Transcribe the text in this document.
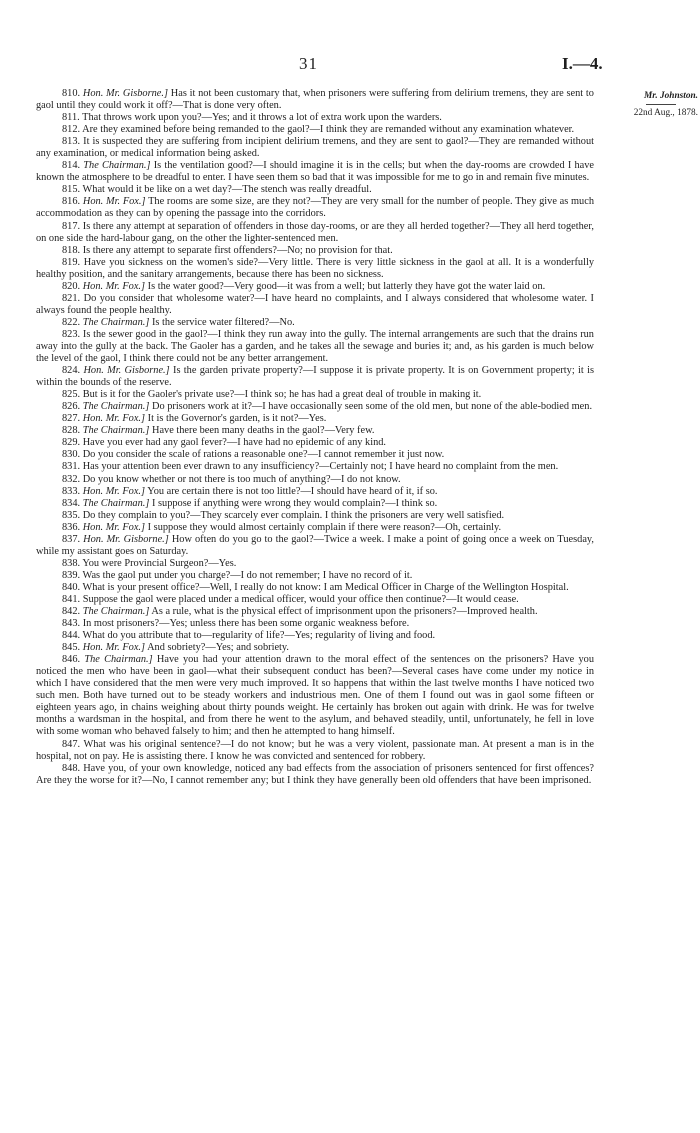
31	I.—4.
Mr. Johnston.
22nd Aug., 1878.

810. Hon. Mr. Gisborne.] Has it not been customary that, when prisoners were suffering from delirium tremens, they are sent to gaol until they could work it off?—That is done very often.

811. That throws work upon you?—Yes; and it throws a lot of extra work upon the warders.

812. Are they examined before being remanded to the gaol?—I think they are remanded without any examination whatever.

813. It is suspected they are suffering from incipient delirium tremens, and they are sent to gaol?—They are remanded without any examination, or medical information being asked.

814. The Chairman.] Is the ventilation good?—I should imagine it is in the cells; but when the day-rooms are crowded I have known the atmosphere to be dreadful to enter. I have seen them so bad that it was impossible for me to go in and remain five minutes.

815. What would it be like on a wet day?—The stench was really dreadful.

816. Hon. Mr. Fox.] The rooms are some size, are they not?—They are very small for the number of people. They give as much accommodation as they can by opening the passage into the corridors.

817. Is there any attempt at separation of offenders in those day-rooms, or are they all herded together?—They all herd together, on one side the hard-labour gang, on the other the lighter-sentenced men.

818. Is there any attempt to separate first offenders?—No; no provision for that.

819. Have you sickness on the women's side?—Very little. There is very little sickness in the gaol at all. It is a wonderfully healthy position, and the sanitary arrangements, because there has been no sickness.

820. Hon. Mr. Fox.] Is the water good?—Very good—it was from a well; but latterly they have got the water laid on.

821. Do you consider that wholesome water?—I have heard no complaints, and I always considered that wholesome water. I always found the people healthy.

822. The Chairman.] Is the service water filtered?—No.

823. Is the sewer good in the gaol?—I think they run away into the gully. The internal arrangements are such that the drains run away into the gully at the back. The Gaoler has a garden, and he takes all the sewage and buries it; and, as his garden is much below the level of the gaol, I think there could not be any better arrangement.

824. Hon. Mr. Gisborne.] Is the garden private property?—I suppose it is private property. It is on Government property; it is within the bounds of the reserve.

825. But is it for the Gaoler's private use?—I think so; he has had a great deal of trouble in making it.

826. The Chairman.] Do prisoners work at it?—I have occasionally seen some of the old men, but none of the able-bodied men.

827. Hon. Mr. Fox.] It is the Governor's garden, is it not?—Yes.

828. The Chairman.] Have there been many deaths in the gaol?—Very few.

829. Have you ever had any gaol fever?—I have had no epidemic of any kind.

830. Do you consider the scale of rations a reasonable one?—I cannot remember it just now.

831. Has your attention been ever drawn to any insufficiency?—Certainly not; I have heard no complaint from the men.

832. Do you know whether or not there is too much of anything?—I do not know.

833. Hon. Mr. Fox.] You are certain there is not too little?—I should have heard of it, if so.

834. The Chairman.] I suppose if anything were wrong they would complain?—I think so.

835. Do they complain to you?—They scarcely ever complain. I think the prisoners are very well satisfied.

836. Hon. Mr. Fox.] I suppose they would almost certainly complain if there were reason?—Oh, certainly.

837. Hon. Mr. Gisborne.] How often do you go to the gaol?—Twice a week. I make a point of going once a week on Tuesday, while my assistant goes on Saturday.

838. You were Provincial Surgeon?—Yes.

839. Was the gaol put under you charge?—I do not remember; I have no record of it.

840. What is your present office?—Well, I really do not know: I am Medical Officer in Charge of the Wellington Hospital.

841. Suppose the gaol were placed under a medical officer, would your office then continue?—It would cease.

842. The Chairman.] As a rule, what is the physical effect of imprisonment upon the prisoners?—Improved health.

843. In most prisoners?—Yes; unless there has been some organic weakness before.

844. What do you attribute that to—regularity of life?—Yes; regularity of living and food.

845. Hon. Mr. Fox.] And sobriety?—Yes; and sobriety.

846. The Chairman.] Have you had your attention drawn to the moral effect of the sentences on the prisoners? Have you noticed the men who have been in gaol—what their subsequent conduct has been?—Several cases have come under my notice in which I have considered that the men were very much improved. It so happens that within the last twelve months I have noticed two such men. Both have turned out to be steady workers and industrious men. One of them I found out was in gaol some fifteen or eighteen years ago, in chains weighing about thirty pounds weight. He certainly has broken out again with drink. He was for twelve months a wardsman in the hospital, and from there he went to the asylum, and behaved steadily, until, unfortunately, he fell in love with some woman who behaved falsely to him; and then he attempted to hang himself.

847. What was his original sentence?—I do not know; but he was a very violent, passionate man. At present a man is in the hospital, not on pay. He is assisting there. I know he was convicted and sentenced for robbery.

848. Have you, of your own knowledge, noticed any bad effects from the association of prisoners sentenced for first offences? Are they the worse for it?—No, I cannot remember any; but I think they have generally been old offenders that have been imprisoned.
